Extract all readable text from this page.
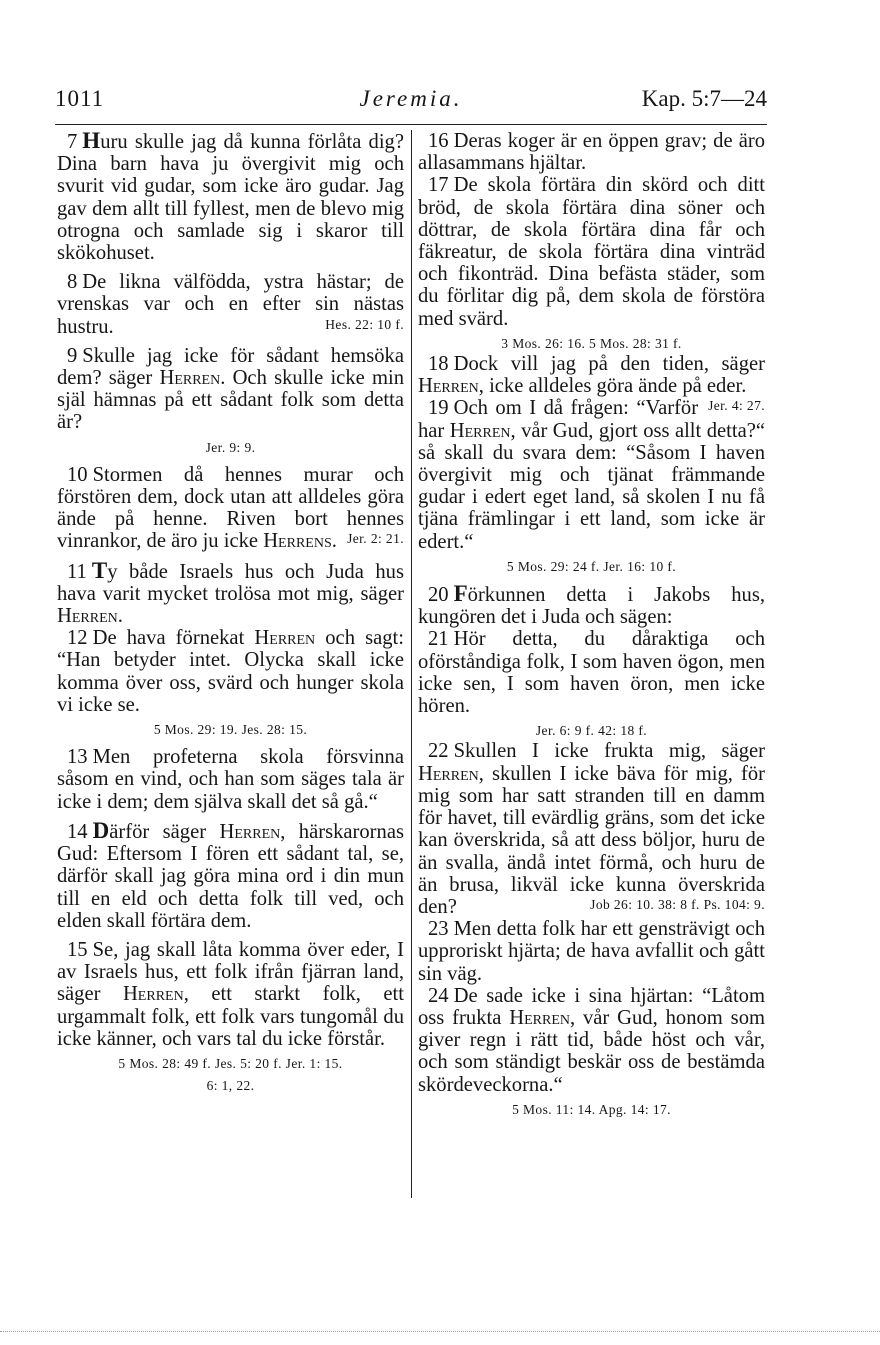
1011	Jeremia.	Kap. 5:7—24

7 Huru skulle jag då kunna förlåta dig? Dina barn hava ju övergivit mig och svurit vid gudar, som icke äro gudar. Jag gav dem allt till fyllest, men de blevo mig otrogna och samlade sig i skaror till skökohuset.

8 De likna välfödda, ystra hästar; de vrenskas var och en efter sin nästas hustru.	Hes. 22: 10 f.

9 Skulle jag icke för sådant hemsöka dem? säger Herren. Och skulle icke min själ hämnas på ett sådant folk som detta är?

Jer. 9: 9.

10 Stormen då hennes murar och förstören dem, dock utan att alldeles göra ände på henne. Riven bort hennes vinrankor, de äro ju icke Herrens. Jer. 2: 21.

11 Ty både Israels hus och Juda hus hava varit mycket trolösa mot mig, säger Herren.

12 De hava förnekat Herren och sagt: “Han betyder intet. Olycka skall icke komma över oss, svärd och hunger skola vi icke se.

5 Mos. 29: 19. Jes. 28: 15.

13 Men profeterna skola försvinna såsom en vind, och han som säges tala är icke i dem; dem själva skall det så gå.“

14 Därför säger Herren, härskarornas Gud: Eftersom I fören ett sådant tal, se, därför skall jag göra mina ord i din mun till en eld och detta folk till ved, och elden skall förtära dem.

15 Se, jag skall låta komma över eder, I av Israels hus, ett folk ifrån fjärran land, säger Herren, ett starkt folk, ett urgammalt folk, ett folk vars tungomål du icke känner, och vars tal du icke förstår.

5 Mos. 28: 49 f. Jes. 5: 20 f. Jer. 1: 15.

6: 1, 22.

16 Deras koger är en öppen grav; de äro allasammans hjältar.

17 De skola förtära din skörd och ditt bröd, de skola förtära dina söner och döttrar, de skola förtära dina får och fäkreatur, de skola förtära dina vinträd och fikonträd. Dina befästa städer, som du förlitar dig på, dem skola de förstöra med svärd.

3 Mos. 26: 16. 5 Mos. 28: 31 f.

18 Dock vill jag på den tiden, säger Herren, icke alldeles göra ände på eder.
Jer. 4: 27.

19 Och om I då frågen: “Varför har Herren, vår Gud, gjort oss allt detta?“ så skall du svara dem: “Såsom I haven övergivit mig och tjänat främmande gudar i edert eget land, så skolen I nu få tjäna främlingar i ett land, som icke är edert.“

5 Mos. 29: 24 f. Jer. 16: 10 f.

20 Förkunnen detta i Jakobs hus, kungören det i Juda och sägen:

21 Hör detta, du dåraktiga och oförståndiga folk, I som haven ögon, men icke sen, I som haven öron, men icke hören.

Jer. 6: 9 f. 42: 18 f.

22 Skullen I icke frukta mig, säger Herren, skullen I icke bäva för mig, för mig som har satt stranden till en damm för havet, till evärdlig gräns, som det icke kan överskrida, så att dess böljor, huru de än svalla, ändå intet förmå, och huru de än brusa, likväl icke kunna överskrida den?	Job 26: 10. 38: 8 f. Ps. 104: 9.

23 Men detta folk har ett gensträvigt och upproriskt hjärta; de hava avfallit och gått sin väg.

24 De sade icke i sina hjärtan: “Låtom oss frukta Herren, vår Gud, honom som giver regn i rätt tid, både höst och vår, och som ständigt beskär oss de bestämda skördeveckorna.“

5 Mos. 11: 14. Apg. 14: 17.
